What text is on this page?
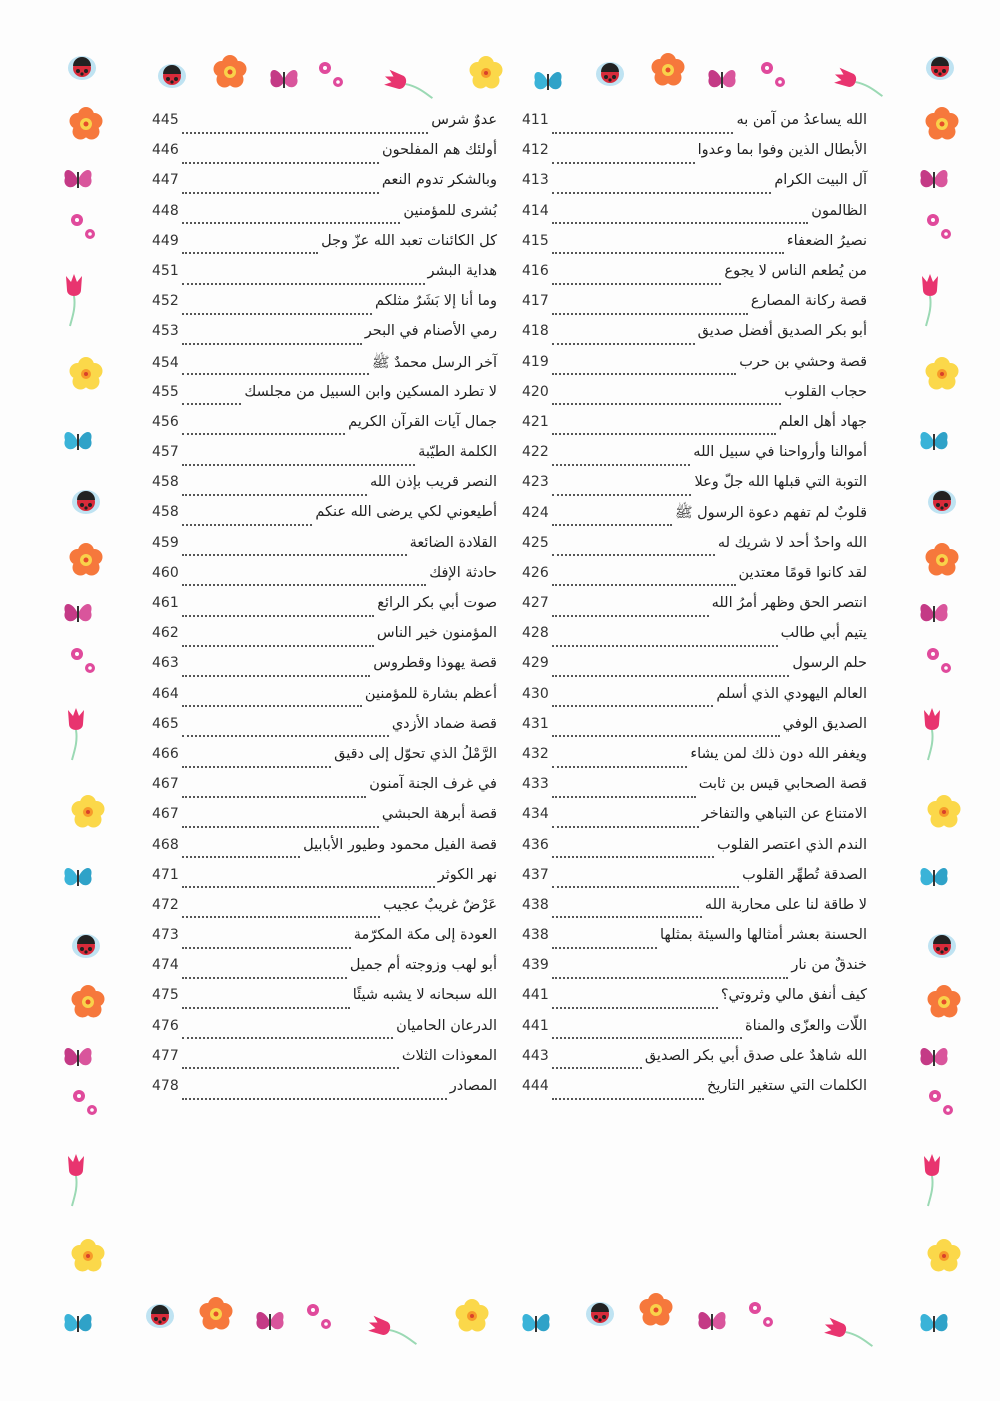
الله يساعدُ من آمن به
411
الأبطال الذين وفوا بما وعدوا
412
آل البيت الكرام
413
الظالمون
414
نصيرُ الضعفاء
415
من يُطعم الناس لا يجوع
416
قصة ركانة المصارع
417
أبو بكر الصديق أفضل صديق
418
قصة وحشي بن حرب
419
حجاب القلوب
420
جهاد أهل العلم
421
أموالنا وأرواحنا في سبيل الله
422
التوبة التي قبلها الله جلّ وعلا
423
قلوبٌ لم تفهم دعوة الرسول ﷺ
424
الله واحدٌ أحد لا شريك له
425
لقد كانوا قومًا معتدين
426
انتصر الحق وظهر أمرُ الله
427
يتيم أبي طالب
428
حلم الرسول
429
العالم اليهودي الذي أسلم
430
الصديق الوفي
431
ويغفر الله دون ذلك لمن يشاء
432
قصة الصحابي قيس بن ثابت
433
الامتناع عن التباهي والتفاخر
434
الندم الذي اعتصر القلوب
436
الصدقة تُطهِّر القلوب
437
لا طاقة لنا على محاربة الله
438
الحسنة بعشر أمثالها والسيئة بمثلها
438
خندقٌ من نار
439
كيف أنفق مالي وثروتي؟
441
اللّات والعزّى والمناة
441
الله شاهدٌ على صدق أبي بكر الصديق
443
الكلمات التي ستغير التاريخ
444
عدوٌ شرس
445
أولئك هم المفلحون
446
وبالشكر تدوم النعم
447
بُشرى للمؤمنين
448
كل الكائنات تعبد الله عزّ وجل
449
هداية البشر
451
وما أنا إلا بَشَرٌ مثلكم
452
رمي الأصنام في البحر
453
آخر الرسل محمدٌ ﷺ
454
لا تطرد المسكين وابن السبيل من مجلسك
455
جمال آيات القرآن الكريم
456
الكلمة الطيّبة
457
النصر قريب بإذن الله
458
أطيعوني لكي يرضى الله عنكم
458
القلادة الضائعة
459
حادثة الإفك
460
صوت أبي بكر الرائع
461
المؤمنون خير الناس
462
قصة يهوذا وقطروس
463
أعظم بشارة للمؤمنين
464
قصة ضماد الأزدي
465
الرَّمْلُ الذي تحوّل إلى دقيق
466
في غرف الجنة آمنون
467
قصة أبرهة الحبشي
467
قصة الفيل محمود وطيور الأبابيل
468
نهر الكوثر
471
عَرْضٌ غريبٌ عجيب
472
العودة إلى مكة المكرّمة
473
أبو لهب وزوجته أم جميل
474
الله سبحانه لا يشبه شيئًا
475
الدرعان الحاميان
476
المعوذات الثلاث
477
المصادر
478
